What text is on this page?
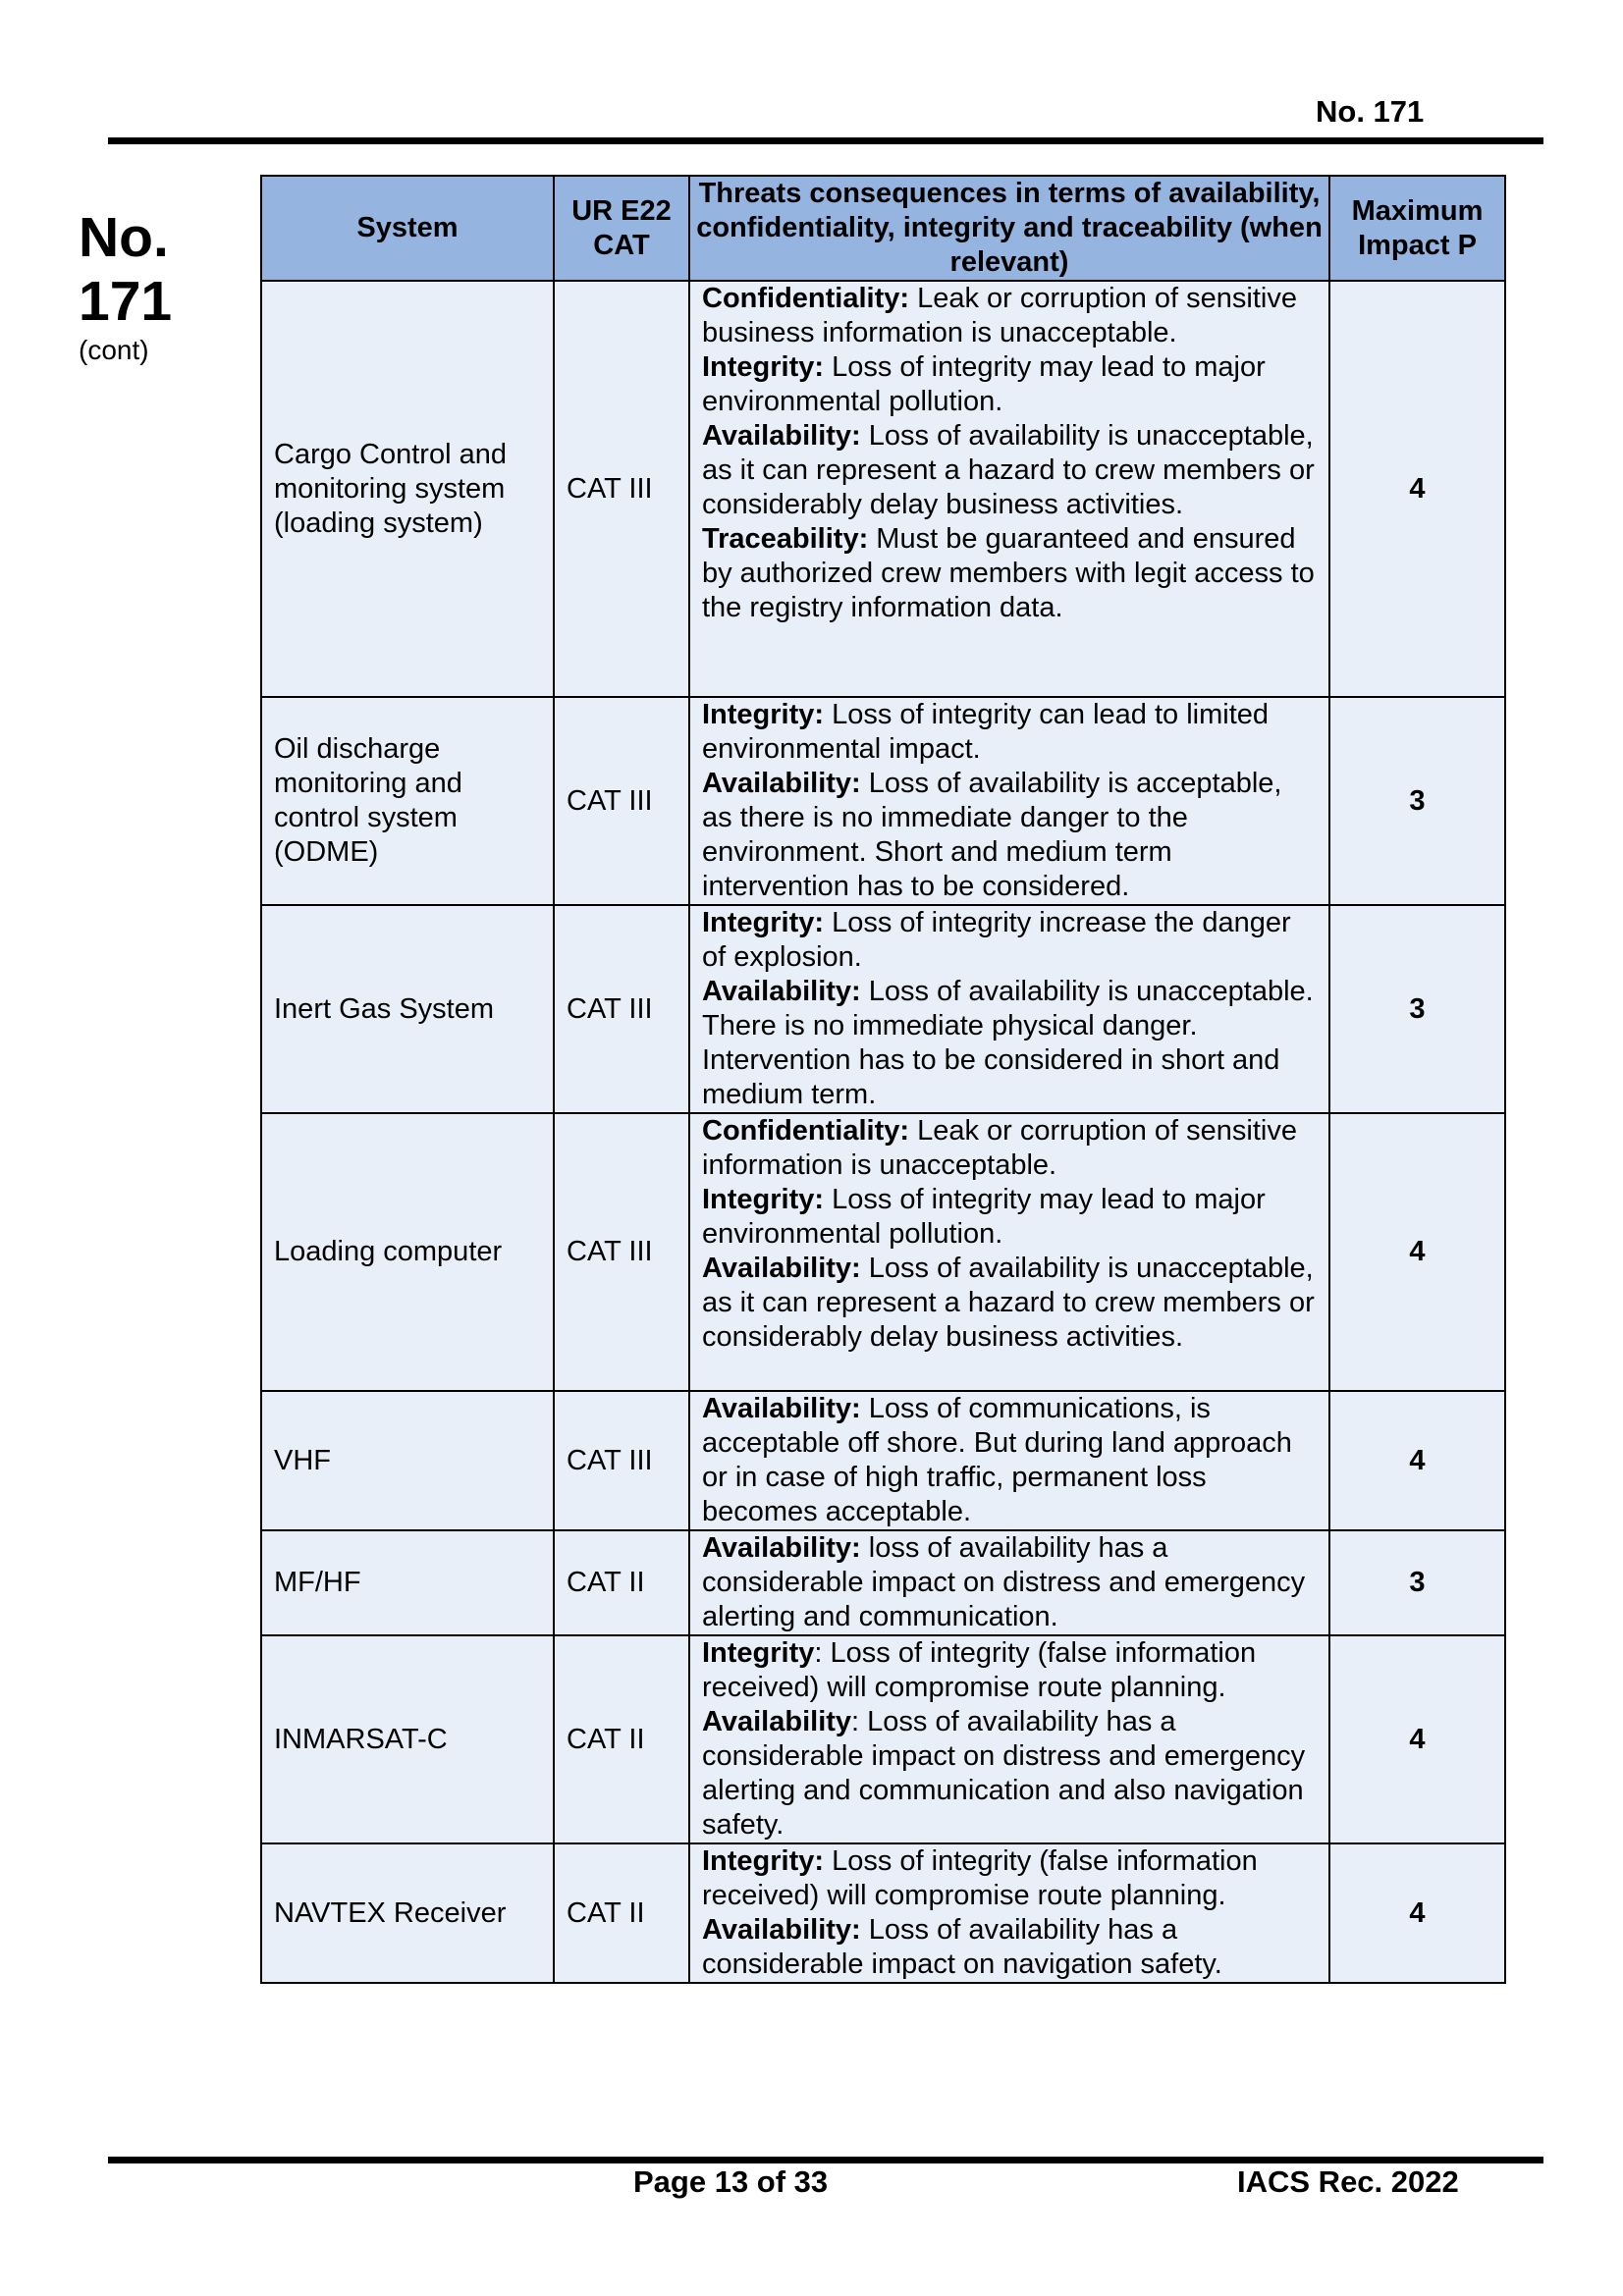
No. 171
No.
171
(cont)
System	UR E22 CAT	Threats consequences in terms of availability, confidentiality, integrity and traceability (when relevant)	Maximum Impact P
Cargo Control and monitoring system (loading system)	CAT III	Confidentiality: Leak or corruption of sensitive business information is unacceptable.
Integrity: Loss of integrity may lead to major environmental pollution.
Availability: Loss of availability is unacceptable, as it can represent a hazard to crew members or considerably delay business activities.
Traceability: Must be guaranteed and ensured by authorized crew members with legit access to the registry information data.	4
Oil discharge monitoring and control system (ODME)	CAT III	Integrity: Loss of integrity can lead to limited environmental impact.
Availability: Loss of availability is acceptable, as there is no immediate danger to the environment. Short and medium term intervention has to be considered.	3
Inert Gas System	CAT III	Integrity: Loss of integrity increase the danger of explosion.
Availability: Loss of availability is unacceptable. There is no immediate physical danger. Intervention has to be considered in short and medium term.	3
Loading computer	CAT III	Confidentiality: Leak or corruption of sensitive information is unacceptable.
Integrity: Loss of integrity may lead to major environmental pollution.
Availability: Loss of availability is unacceptable, as it can represent a hazard to crew members or considerably delay business activities.	4
VHF	CAT III	Availability: Loss of communications, is acceptable off shore. But during land approach or in case of high traffic, permanent loss becomes acceptable.	4
MF/HF	CAT II	Availability: loss of availability has a considerable impact on distress and emergency alerting and communication.	3
INMARSAT-C	CAT II	Integrity: Loss of integrity (false information received) will compromise route planning.
Availability: Loss of availability has a considerable impact on distress and emergency alerting and communication and also navigation safety.	4
NAVTEX Receiver	CAT II	Integrity: Loss of integrity (false information received) will compromise route planning.
Availability: Loss of availability has a considerable impact on navigation safety.	4
Page 13 of 33	IACS Rec. 2022
